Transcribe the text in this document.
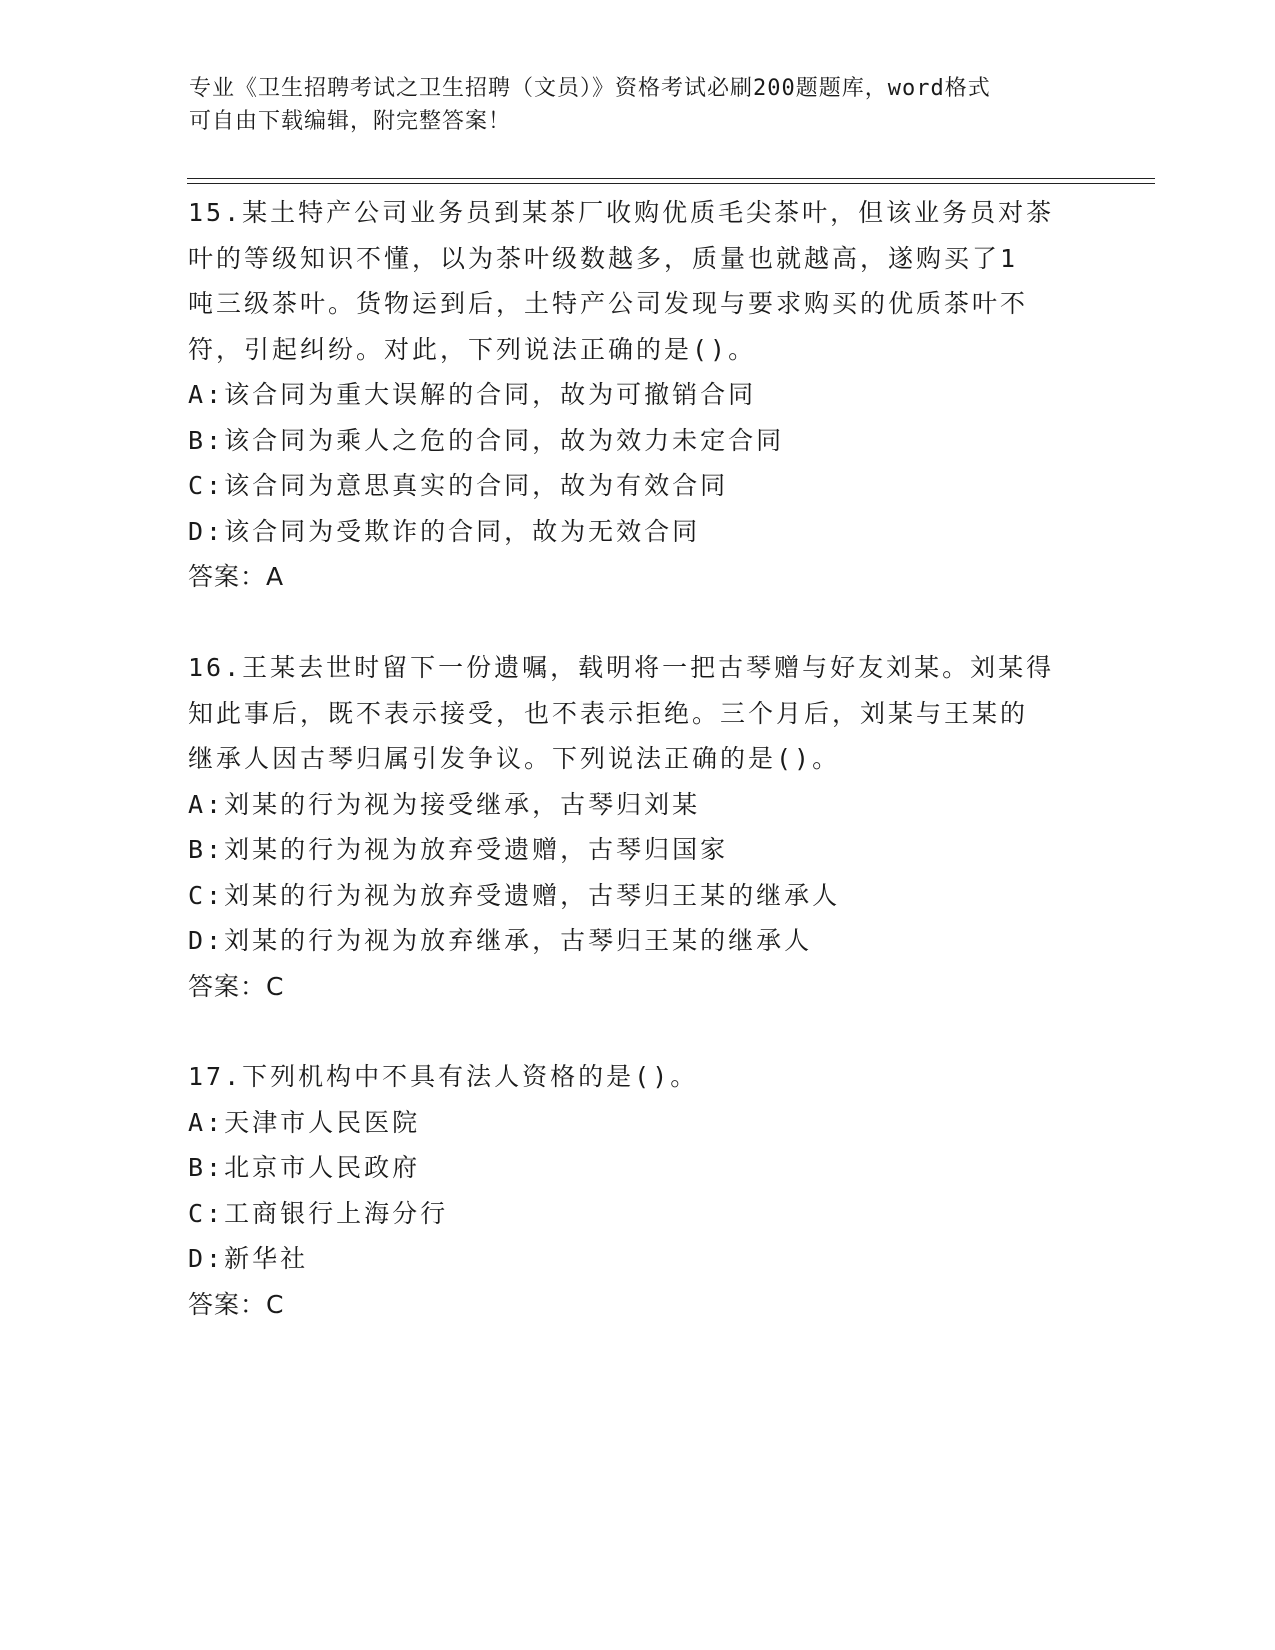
专业《卫生招聘考试之卫生招聘（文员）》资格考试必刷200题题库，word格式
可自由下载编辑，附完整答案！
15.某土特产公司业务员到某茶厂收购优质毛尖茶叶，但该业务员对茶
叶的等级知识不懂，以为茶叶级数越多，质量也就越高，遂购买了1
吨三级茶叶。货物运到后，土特产公司发现与要求购买的优质茶叶不
符，引起纠纷。对此，下列说法正确的是()。
A:该合同为重大误解的合同，故为可撤销合同
B:该合同为乘人之危的合同，故为效力未定合同
C:该合同为意思真实的合同，故为有效合同
D:该合同为受欺诈的合同，故为无效合同
答案：A
16.王某去世时留下一份遗嘱，载明将一把古琴赠与好友刘某。刘某得
知此事后，既不表示接受，也不表示拒绝。三个月后，刘某与王某的
继承人因古琴归属引发争议。下列说法正确的是()。
A:刘某的行为视为接受继承，古琴归刘某
B:刘某的行为视为放弃受遗赠，古琴归国家
C:刘某的行为视为放弃受遗赠，古琴归王某的继承人
D:刘某的行为视为放弃继承，古琴归王某的继承人
答案：C
17.下列机构中不具有法人资格的是()。
A:天津市人民医院
B:北京市人民政府
C:工商银行上海分行
D:新华社
答案：C
